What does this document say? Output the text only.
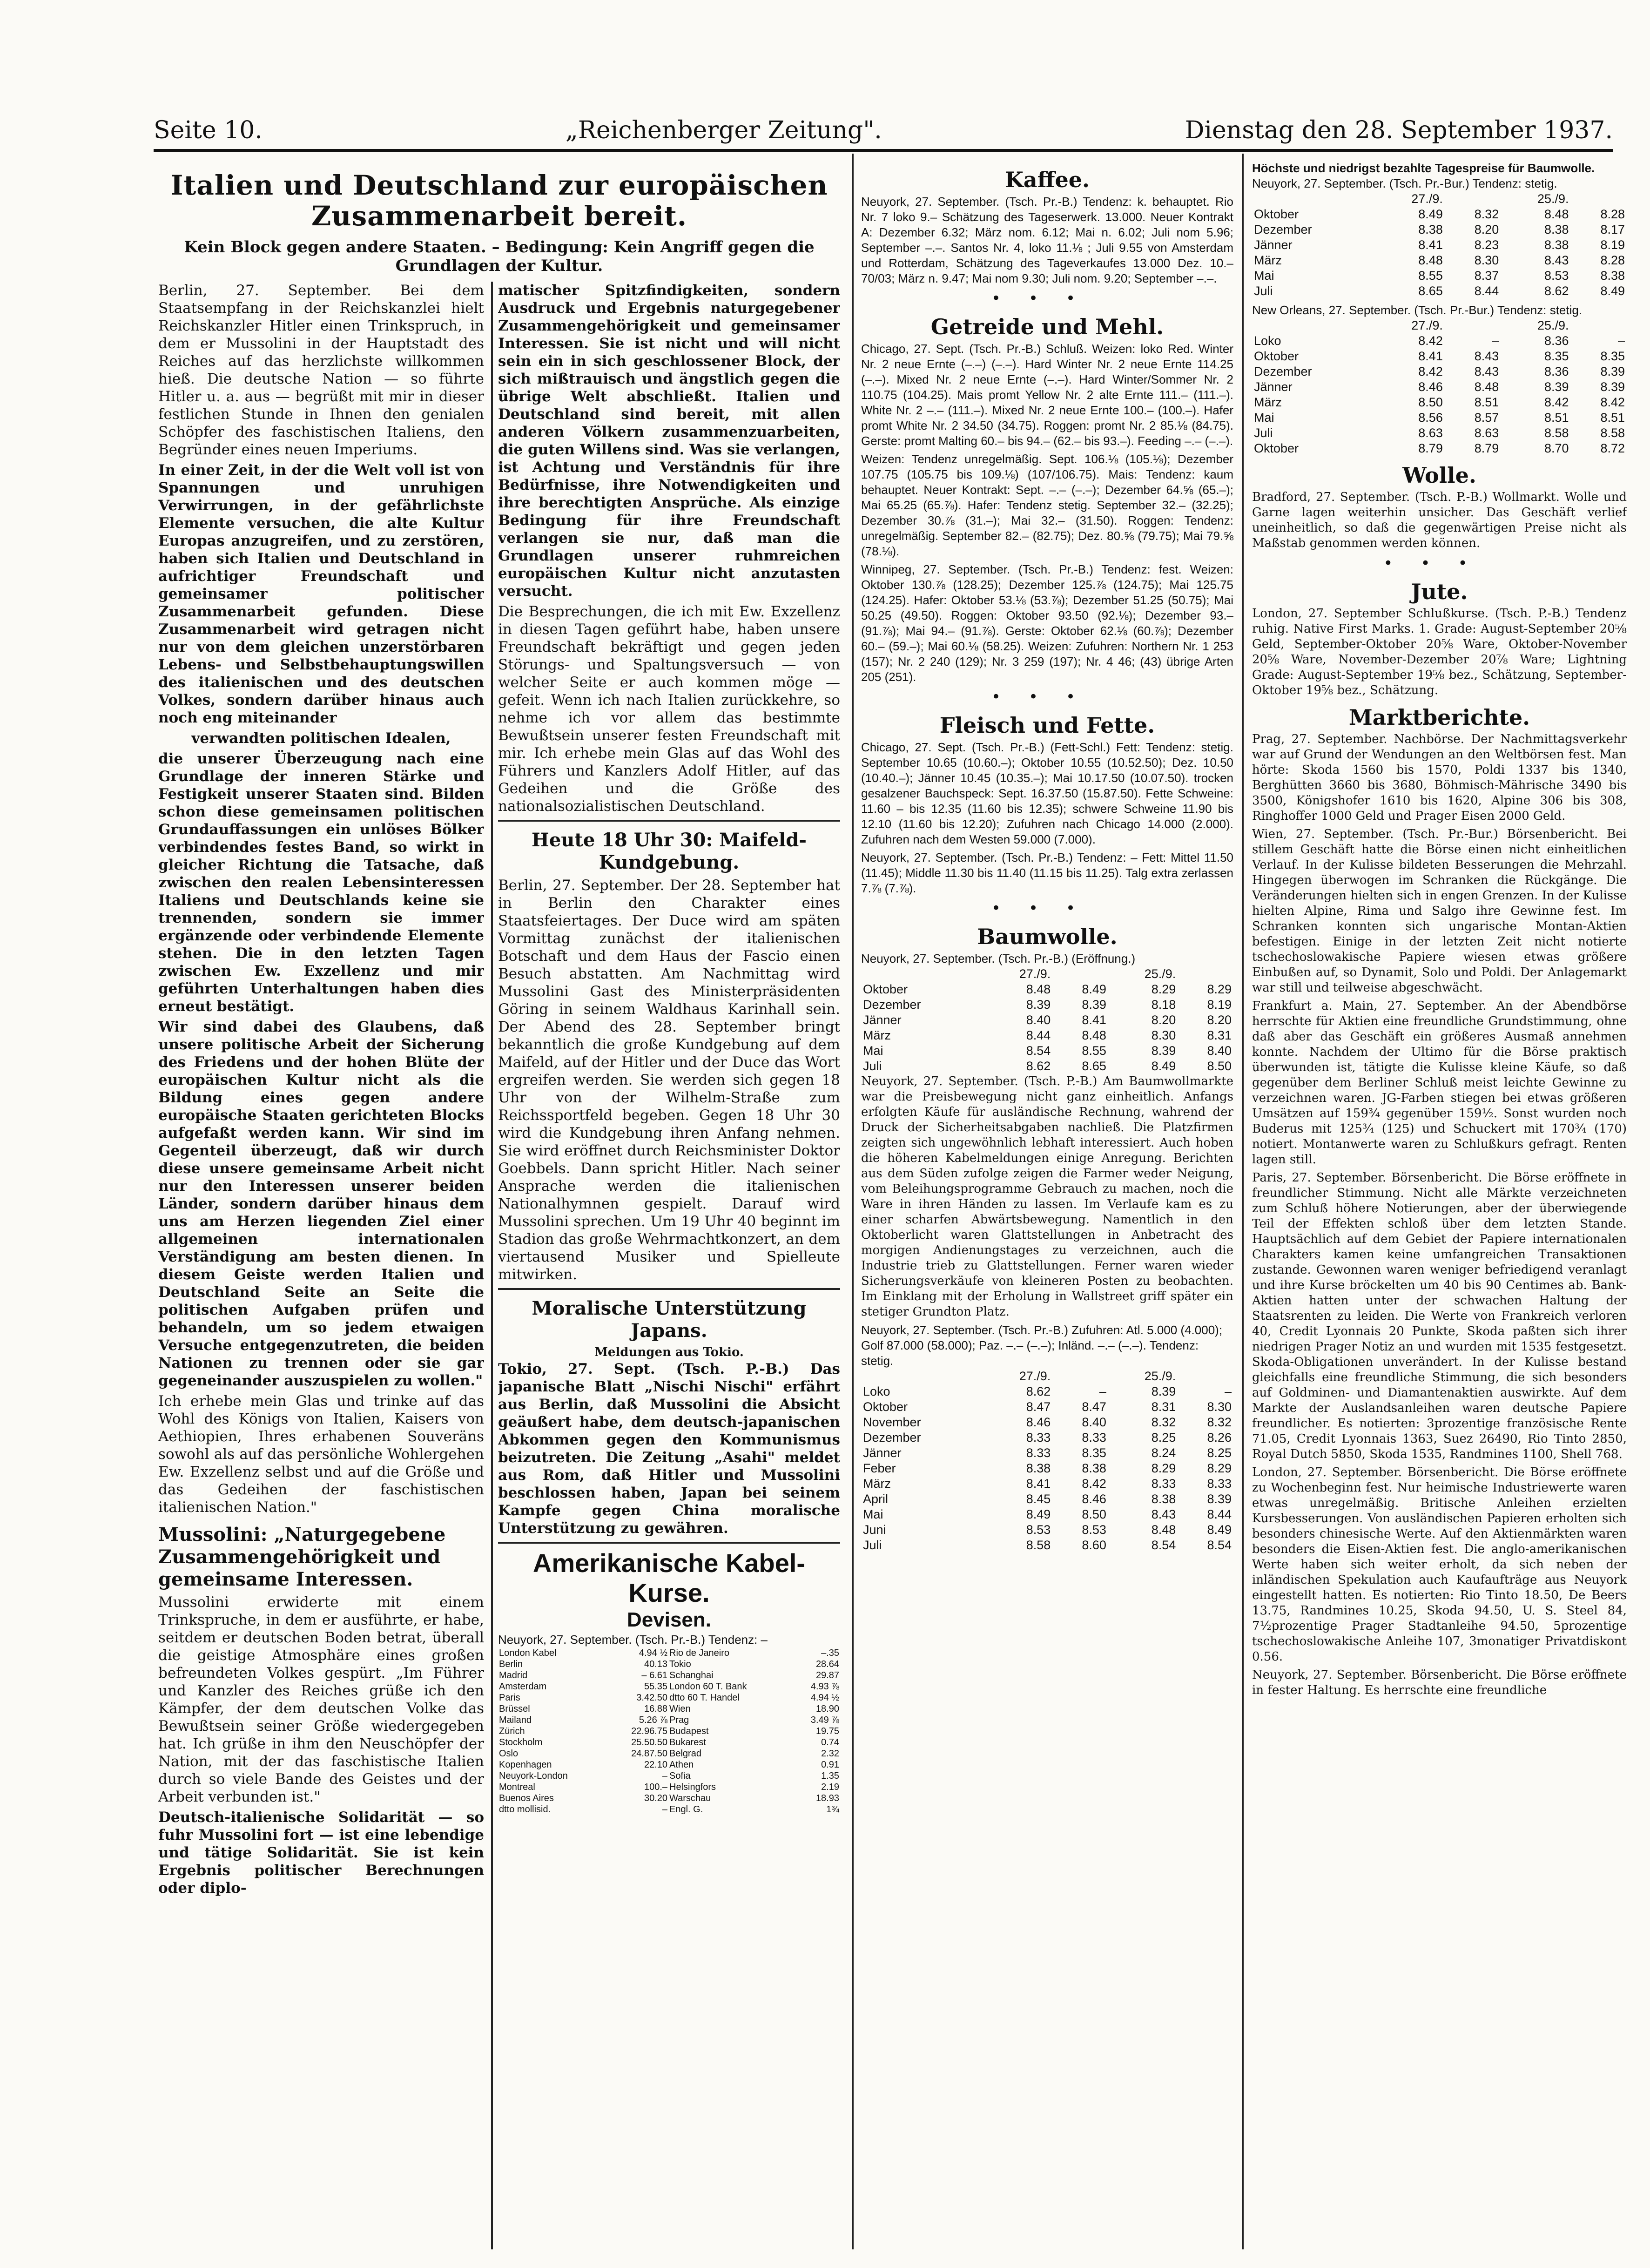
Seite 10.	„Reichenberger Zeitung".	Dienstag den 28. September 1937.
Italien und Deutschland zur europäischen Zusammenarbeit bereit.
Kein Block gegen andere Staaten. – Bedingung: Kein Angriff gegen die Grundlagen der Kultur.

Berlin, 27. September. Bei dem Staatsempfang in der Reichskanzlei hielt Reichskanzler Hitler einen Trinkspruch, in dem er Mussolini in der Hauptstadt des Reiches auf das herzlichste willkommen hieß. Die deutsche Nation — so führte Hitler u. a. aus — begrüßt mit mir in dieser festlichen Stunde in Ihnen den genialen Schöpfer des faschistischen Italiens, den Begründer eines neuen Imperiums.

In einer Zeit, in der die Welt voll ist von Spannungen und unruhigen Verwirrungen, in der gefährlichste Elemente versuchen, die alte Kultur Europas anzugreifen, und zu zerstören, haben sich Italien und Deutschland in aufrichtiger Freundschaft und gemeinsamer politischer Zusammenarbeit gefunden. Diese Zusammenarbeit wird getragen nicht nur von dem gleichen unzerstörbaren Lebens- und Selbstbehauptungswillen des italienischen und des deutschen Volkes, sondern darüber hinaus auch noch eng miteinander

verwandten politischen Idealen,

die unserer Überzeugung nach eine Grundlage der inneren Stärke und Festigkeit unserer Staaten sind. Bilden schon diese gemeinsamen politischen Grundauffassungen ein unlöses Bölker verbindendes festes Band, so wirkt in gleicher Richtung die Tatsache, daß zwischen den realen Lebensinteressen Italiens und Deutschlands keine sie trennenden, sondern sie immer ergänzende oder verbindende Elemente stehen. Die in den letzten Tagen zwischen Ew. Exzellenz und mir geführten Unterhaltungen haben dies erneut bestätigt.

Wir sind dabei des Glaubens, daß unsere politische Arbeit der Sicherung des Friedens und der hohen Blüte der europäischen Kultur nicht als die Bildung eines gegen andere europäische Staaten gerichteten Blocks aufgefaßt werden kann. Wir sind im Gegenteil überzeugt, daß wir durch diese unsere gemeinsame Arbeit nicht nur den Interessen unserer beiden Länder, sondern darüber hinaus dem uns am Herzen liegenden Ziel einer allgemeinen internationalen Verständigung am besten dienen. In diesem Geiste werden Italien und Deutschland Seite an Seite die politischen Aufgaben prüfen und behandeln, um so jedem etwaigen Versuche entgegenzutreten, die beiden Nationen zu trennen oder sie gar gegeneinander auszuspielen zu wollen."

Ich erhebe mein Glas und trinke auf das Wohl des Königs von Italien, Kaisers von Aethiopien, Ihres erhabenen Souveräns sowohl als auf das persönliche Wohlergehen Ew. Exzellenz selbst und auf die Größe und das Gedeihen der faschistischen italienischen Nation."

Mussolini: „Naturgegebene Zusammengehörigkeit und gemeinsame Interessen.

Mussolini erwiderte mit einem Trinkspruche, in dem er ausführte, er habe, seitdem er deutschen Boden betrat, überall die geistige Atmosphäre eines großen befreundeten Volkes gespürt. „Im Führer und Kanzler des Reiches grüße ich den Kämpfer, der dem deutschen Volke das Bewußtsein seiner Größe wiedergegeben hat. Ich grüße in ihm den Neuschöpfer der Nation, mit der das faschistische Italien durch so viele Bande des Geistes und der Arbeit verbunden ist."

Deutsch-italienische Solidarität — so fuhr Mussolini fort — ist eine lebendige und tätige Solidarität. Sie ist kein Ergebnis politischer Berechnungen oder diplo-

matischer Spitzfindigkeiten, sondern Ausdruck und Ergebnis naturgegebener Zusammengehörigkeit und gemeinsamer Interessen. Sie ist nicht und will nicht sein ein in sich geschlossener Block, der sich mißtrauisch und ängstlich gegen die übrige Welt abschließt. Italien und Deutschland sind bereit, mit allen anderen Völkern zusammenzuarbeiten, die guten Willens sind. Was sie verlangen, ist Achtung und Verständnis für ihre Bedürfnisse, ihre Notwendigkeiten und ihre berechtigten Ansprüche. Als einzige Bedingung für ihre Freundschaft verlangen sie nur, daß man die Grundlagen unserer ruhmreichen europäischen Kultur nicht anzutasten versucht.

Die Besprechungen, die ich mit Ew. Exzellenz in diesen Tagen geführt habe, haben unsere Freundschaft bekräftigt und gegen jeden Störungs- und Spaltungsversuch — von welcher Seite er auch kommen möge — gefeit. Wenn ich nach Italien zurückkehre, so nehme ich vor allem das bestimmte Bewußtsein unserer festen Freundschaft mit mir. Ich erhebe mein Glas auf das Wohl des Führers und Kanzlers Adolf Hitler, auf das Gedeihen und die Größe des nationalsozialistischen Deutschland.

Heute 18 Uhr 30: Maifeld-Kundgebung.

Berlin, 27. September. Der 28. September hat in Berlin den Charakter eines Staatsfeiertages. Der Duce wird am späten Vormittag zunächst der italienischen Botschaft und dem Haus der Fascio einen Besuch abstatten. Am Nachmittag wird Mussolini Gast des Ministerpräsidenten Göring in seinem Waldhaus Karinhall sein. Der Abend des 28. September bringt bekanntlich die große Kundgebung auf dem Maifeld, auf der Hitler und der Duce das Wort ergreifen werden. Sie werden sich gegen 18 Uhr von der Wilhelm-Straße zum Reichssportfeld begeben. Gegen 18 Uhr 30 wird die Kundgebung ihren Anfang nehmen. Sie wird eröffnet durch Reichsminister Doktor Goebbels. Dann spricht Hitler. Nach seiner Ansprache werden die italienischen Nationalhymnen gespielt. Darauf wird Mussolini sprechen. Um 19 Uhr 40 beginnt im Stadion das große Wehrmachtkonzert, an dem viertausend Musiker und Spielleute mitwirken.

Moralische Unterstützung Japans.
Meldungen aus Tokio.

Tokio, 27. Sept. (Tsch. P.-B.) Das japanische Blatt „Nischi Nischi" erfährt aus Berlin, daß Mussolini die Absicht geäußert habe, dem deutsch-japanischen Abkommen gegen den Kommunismus beizutreten. Die Zeitung „Asahi" meldet aus Rom, daß Hitler und Mussolini beschlossen haben, Japan bei seinem Kampfe gegen China moralische Unterstützung zu gewähren.

Amerikanische Kabel-Kurse.
Devisen.
Neuyork, 27. September. (Tsch. Pr.-B.) Tendenz: –
London Kabel	4.94 ½	Rio de Janeiro	–.35
Berlin	40.13	Tokio	28.64
Madrid	– 6.61	Schanghai	29.87
Amsterdam	55.35	London 60 T. Bank	4.93 ⅞
Paris	3.42.50	dtto 60 T. Handel	4.94 ½
Brüssel	16.88	Wien	18.90
Mailand	5.26 ⅞	Prag	3.49 ⅞
Zürich	22.96.75	Budapest	19.75
Stockholm	25.50.50	Bukarest	0.74
Oslo	24.87.50	Belgrad	2.32
Kopenhagen	22.10	Athen	0.91
Neuyork-London	–	Sofia	1.35
Montreal	100.–	Helsingfors	2.19
Buenos Aires	30.20	Warschau	18.93
dtto mollisid.	–	Engl. G.	1¾
Kaffee.

Neuyork, 27. September. (Tsch. Pr.-B.) Tendenz: k. behauptet. Rio Nr. 7 loko 9.– Schätzung des Tageserwerk. 13.000. Neuer Kontrakt A: Dezember 6.32; März nom. 6.12; Mai n. 6.02; Juli nom 5.96; September –.–. Santos Nr. 4, loko 11.⅛ ; Juli 9.55 von Amsterdam und Rotterdam, Schätzung des Tageverkaufes 13.000 Dez. 10.–70/03; März n. 9.47; Mai nom 9.30; Juli nom. 9.20; September –.–.

•••
Getreide und Mehl.

Chicago, 27. Sept. (Tsch. Pr.-B.) Schluß. Weizen: loko Red. Winter Nr. 2 neue Ernte (–.–) (–.–). Hard Winter Nr. 2 neue Ernte 114.25 (–.–). Mixed Nr. 2 neue Ernte (–.–). Hard Winter/Sommer Nr. 2 110.75 (104.25). Mais promt Yellow Nr. 2 alte Ernte 111.– (111.–). White Nr. 2 –.– (111.–). Mixed Nr. 2 neue Ernte 100.– (100.–). Hafer promt White Nr. 2 34.50 (34.75). Roggen: promt Nr. 2 85.⅛ (84.75). Gerste: promt Malting 60.– bis 94.– (62.– bis 93.–). Feeding –.– (–.–).

Weizen: Tendenz unregelmäßig. Sept. 106.⅛ (105.⅛); Dezember 107.75 (105.75 bis 109.⅛) (107/106.75). Mais: Tendenz: kaum behauptet. Neuer Kontrakt: Sept. –.– (–.–); Dezember 64.⅝ (65.–); Mai 65.25 (65.⅞). Hafer: Tendenz stetig. September 32.– (32.25); Dezember 30.⅞ (31.–); Mai 32.– (31.50). Roggen: Tendenz: unregelmäßig. September 82.– (82.75); Dez. 80.⅝ (79.75); Mai 79.⅝ (78.⅛).

Winnipeg, 27. September. (Tsch. Pr.-B.) Tendenz: fest. Weizen: Oktober 130.⅞ (128.25); Dezember 125.⅞ (124.75); Mai 125.75 (124.25). Hafer: Oktober 53.⅛ (53.⅞); Dezember 51.25 (50.75); Mai 50.25 (49.50). Roggen: Oktober 93.50 (92.⅛); Dezember 93.– (91.⅞); Mai 94.– (91.⅞). Gerste: Oktober 62.⅛ (60.⅞); Dezember 60.– (59.–); Mai 60.⅛ (58.25). Weizen: Zufuhren: Northern Nr. 1 253 (157); Nr. 2 240 (129); Nr. 3 259 (197); Nr. 4 46; (43) übrige Arten 205 (251).

•••
Fleisch und Fette.

Chicago, 27. Sept. (Tsch. Pr.-B.) (Fett-Schl.) Fett: Tendenz: stetig. September 10.65 (10.60.–); Oktober 10.55 (10.52.50); Dez. 10.50 (10.40.–); Jänner 10.45 (10.35.–); Mai 10.17.50 (10.07.50). trocken gesalzener Bauchspeck: Sept. 16.37.50 (15.87.50). Fette Schweine: 11.60 – bis 12.35 (11.60 bis 12.35); schwere Schweine 11.90 bis 12.10 (11.60 bis 12.20); Zufuhren nach Chicago 14.000 (2.000). Zufuhren nach dem Westen 59.000 (7.000).

Neuyork, 27. September. (Tsch. Pr.-B.) Tendenz: – Fett: Mittel 11.50 (11.45); Middle 11.30 bis 11.40 (11.15 bis 11.25). Talg extra zerlassen 7.⅞ (7.⅞).

•••
Baumwolle.
Neuyork, 27. September. (Tsch. Pr.-B.) (Eröffnung.)
	27./9.		25./9.	
Oktober	8.48	8.49	8.29	8.29
Dezember	8.39	8.39	8.18	8.19
Jänner	8.40	8.41	8.20	8.20
März	8.44	8.48	8.30	8.31
Mai	8.54	8.55	8.39	8.40
Juli	8.62	8.65	8.49	8.50

Neuyork, 27. September. (Tsch. P.-B.) Am Baumwollmarkte war die Preisbewegung nicht ganz einheitlich. Anfangs erfolgten Käufe für ausländische Rechnung, wahrend der Druck der Sicherheitsabgaben nachließ. Die Platzfirmen zeigten sich ungewöhnlich lebhaft interessiert. Auch hoben die höheren Kabelmeldungen einige Anregung. Berichten aus dem Süden zufolge zeigen die Farmer weder Neigung, vom Beleihungsprogramme Gebrauch zu machen, noch die Ware in ihren Händen zu lassen. Im Verlaufe kam es zu einer scharfen Abwärtsbewegung. Namentlich in den Oktoberlicht waren Glattstellungen in Anbetracht des morgigen Andienungstages zu verzeichnen, auch die Industrie trieb zu Glattstellungen. Ferner waren wieder Sicherungsverkäufe von kleineren Posten zu beobachten. Im Einklang mit der Erholung in Wallstreet griff später ein stetiger Grundton Platz.

Neuyork, 27. September. (Tsch. Pr.-B.) Zufuhren: Atl. 5.000 (4.000); Golf 87.000 (58.000); Paz. –.– (–.–); Inländ. –.– (–.–). Tendenz: stetig.
	27./9.		25./9.	
Loko	8.62	–	8.39	–
Oktober	8.47	8.47	8.31	8.30
November	8.46	8.40	8.32	8.32
Dezember	8.33	8.33	8.25	8.26
Jänner	8.33	8.35	8.24	8.25
Feber	8.38	8.38	8.29	8.29
März	8.41	8.42	8.33	8.33
April	8.45	8.46	8.38	8.39
Mai	8.49	8.50	8.43	8.44
Juni	8.53	8.53	8.48	8.49
Juli	8.58	8.60	8.54	8.54
Höchste und niedrigst bezahlte Tagespreise für Baumwolle.
Neuyork, 27. September. (Tsch. Pr.-Bur.) Tendenz: stetig.
	27./9.		25./9.	
Oktober	8.49	8.32	8.48	8.28
Dezember	8.38	8.20	8.38	8.17
Jänner	8.41	8.23	8.38	8.19
März	8.48	8.30	8.43	8.28
Mai	8.55	8.37	8.53	8.38
Juli	8.65	8.44	8.62	8.49
New Orleans, 27. September. (Tsch. Pr.-Bur.) Tendenz: stetig.
	27./9.		25./9.	
Loko	8.42	–	8.36	–
Oktober	8.41	8.43	8.35	8.35
Dezember	8.42	8.43	8.36	8.39
Jänner	8.46	8.48	8.39	8.39
März	8.50	8.51	8.42	8.42
Mai	8.56	8.57	8.51	8.51
Juli	8.63	8.63	8.58	8.58
Oktober	8.79	8.79	8.70	8.72
Wolle.

Bradford, 27. September. (Tsch. P.-B.) Wollmarkt. Wolle und Garne lagen weiterhin unsicher. Das Geschäft verlief uneinheitlich, so daß die gegenwärtigen Preise nicht als Maßstab genommen werden können.

•••
Jute.

London, 27. September Schlußkurse. (Tsch. P.-B.) Tendenz ruhig. Native First Marks. 1. Grade: August-September 20⅝ Geld, September-Oktober 20⅝ Ware, Oktober-November 20⅝ Ware, November-Dezember 20⅞ Ware; Lightning Grade: August-September 19⅝ bez., Schätzung, September-Oktober 19⅝ bez., Schätzung.

Marktberichte.

Prag, 27. September. Nachbörse. Der Nachmittagsverkehr war auf Grund der Wendungen an den Weltbörsen fest. Man hörte: Skoda 1560 bis 1570, Poldi 1337 bis 1340, Berghütten 3660 bis 3680, Böhmisch-Mährische 3490 bis 3500, Königshofer 1610 bis 1620, Alpine 306 bis 308, Ringhoffer 1000 Geld und Prager Eisen 2000 Geld.

Wien, 27. September. (Tsch. Pr.-Bur.) Börsenbericht. Bei stillem Geschäft hatte die Börse einen nicht einheitlichen Verlauf. In der Kulisse bildeten Besserungen die Mehrzahl. Hingegen überwogen im Schranken die Rückgänge. Die Veränderungen hielten sich in engen Grenzen. In der Kulisse hielten Alpine, Rima und Salgo ihre Gewinne fest. Im Schranken konnten sich ungarische Montan-Aktien befestigen. Einige in der letzten Zeit nicht notierte tschechoslowakische Papiere wiesen etwas größere Einbußen auf, so Dynamit, Solo und Poldi. Der Anlagemarkt war still und teilweise abgeschwächt.

Frankfurt a. Main, 27. September. An der Abendbörse herrschte für Aktien eine freundliche Grundstimmung, ohne daß aber das Geschäft ein größeres Ausmaß annehmen konnte. Nachdem der Ultimo für die Börse praktisch überwunden ist, tätigte die Kulisse kleine Käufe, so daß gegenüber dem Berliner Schluß meist leichte Gewinne zu verzeichnen waren. JG-Farben stiegen bei etwas größeren Umsätzen auf 159¾ gegenüber 159½. Sonst wurden noch Buderus mit 125¾ (125) und Schuckert mit 170¾ (170) notiert. Montanwerte waren zu Schlußkurs gefragt. Renten lagen still.

Paris, 27. September. Börsenbericht. Die Börse eröffnete in freundlicher Stimmung. Nicht alle Märkte verzeichneten zum Schluß höhere Notierungen, aber der überwiegende Teil der Effekten schloß über dem letzten Stande. Hauptsächlich auf dem Gebiet der Papiere internationalen Charakters kamen keine umfangreichen Transaktionen zustande. Gewonnen waren weniger befriedigend veranlagt und ihre Kurse bröckelten um 40 bis 90 Centimes ab. Bank-Aktien hatten unter der schwachen Haltung der Staatsrenten zu leiden. Die Werte von Frankreich verloren 40, Credit Lyonnais 20 Punkte, Skoda paßten sich ihrer niedrigen Prager Notiz an und wurden mit 1535 festgesetzt. Skoda-Obligationen unverändert. In der Kulisse bestand gleichfalls eine freundliche Stimmung, die sich besonders auf Goldminen- und Diamantenaktien auswirkte. Auf dem Markte der Auslandsanleihen waren deutsche Papiere freundlicher. Es notierten: 3prozentige französische Rente 71.05, Credit Lyonnais 1363, Suez 26490, Rio Tinto 2850, Royal Dutch 5850, Skoda 1535, Randmines 1100, Shell 768.

London, 27. September. Börsenbericht. Die Börse eröffnete zu Wochenbeginn fest. Nur heimische Industriewerte waren etwas unregelmäßig. Britische Anleihen erzielten Kursbesserungen. Von ausländischen Papieren erholten sich besonders chinesische Werte. Auf den Aktienmärkten waren besonders die Eisen-Aktien fest. Die anglo-amerikanischen Werte haben sich weiter erholt, da sich neben der inländischen Spekulation auch Kaufaufträge aus Neuyork eingestellt hatten. Es notierten: Rio Tinto 18.50, De Beers 13.75, Randmines 10.25, Skoda 94.50, U. S. Steel 84, 7½prozentige Prager Stadtanleihe 94.50, 5prozentige tschechoslowakische Anleihe 107, 3monatiger Privatdiskont 0.56.

Neuyork, 27. September. Börsenbericht. Die Börse eröffnete in fester Haltung. Es herrschte eine freundliche
